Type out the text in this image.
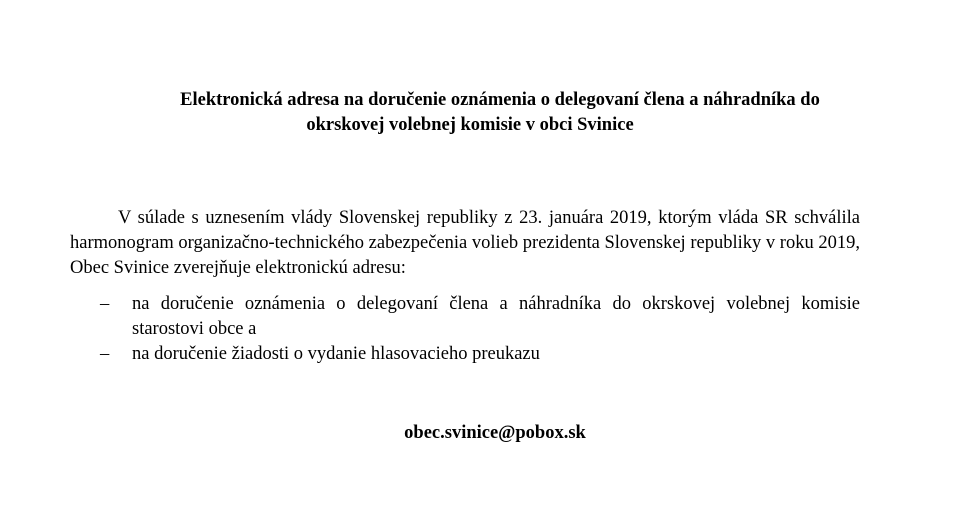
Elektronická adresa na doručenie oznámenia o delegovaní člena a náhradníka do
okrskovej volebnej komisie v obci Svinice

V súlade s uznesením vlády Slovenskej republiky z 23. januára 2019, ktorým vláda SR schválila harmonogram organizačno-technického zabezpečenia volieb prezidenta Slovenskej republiky v roku 2019, Obec Svinice zverejňuje elektronickú adresu:

– na doručenie oznámenia o delegovaní člena a náhradníka do okrskovej volebnej komisie starostovi obce a
– na doručenie žiadosti o vydanie hlasovacieho preukazu
obec.svinice@pobox.sk
